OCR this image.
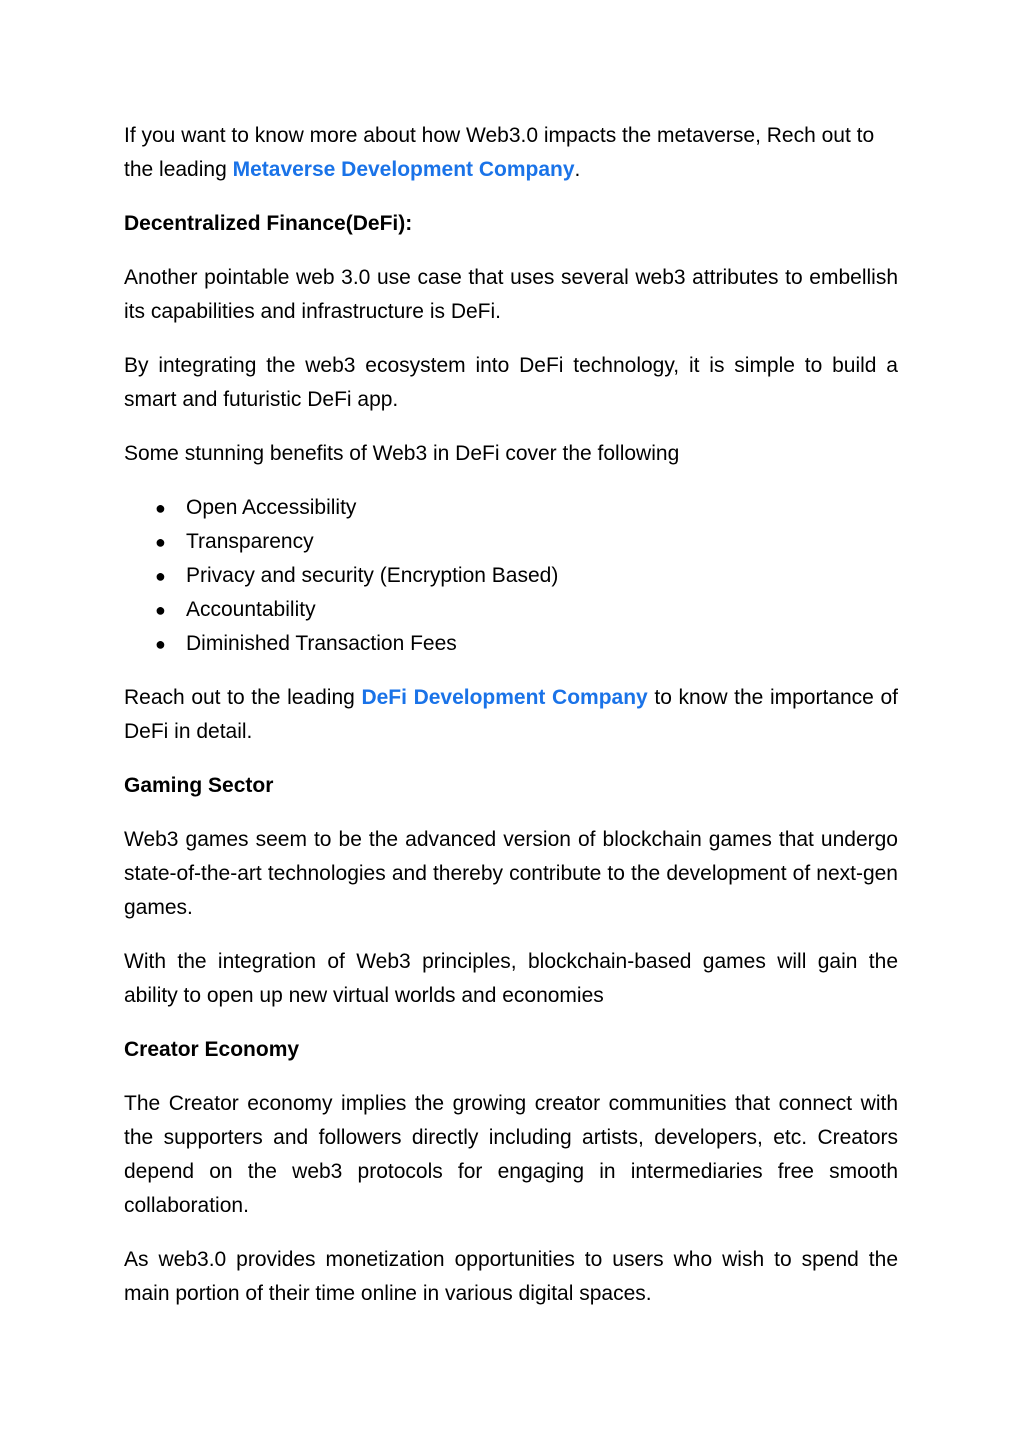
If you want to know more about how Web3.0 impacts the metaverse, Rech out to the leading Metaverse Development Company.

Decentralized Finance(DeFi):

Another pointable web 3.0 use case that uses several web3 attributes to embellish its capabilities and infrastructure is DeFi.

By integrating the web3 ecosystem into DeFi technology, it is simple to build a smart and futuristic DeFi app.

Some stunning benefits of Web3 in DeFi cover the following

● Open Accessibility
● Transparency
● Privacy and security (Encryption Based)
● Accountability
● Diminished Transaction Fees

Reach out to the leading DeFi Development Company to know the importance of DeFi in detail.

Gaming Sector

Web3 games seem to be the advanced version of blockchain games that undergo state-of-the-art technologies and thereby contribute to the development of next-gen games.

With the integration of Web3 principles, blockchain-based games will gain the ability to open up new virtual worlds and economies

Creator Economy

The Creator economy implies the growing creator communities that connect with the supporters and followers directly including artists, developers, etc. Creators depend on the web3 protocols for engaging in intermediaries free smooth collaboration.

As web3.0 provides monetization opportunities to users who wish to spend the main portion of their time online in various digital spaces.
